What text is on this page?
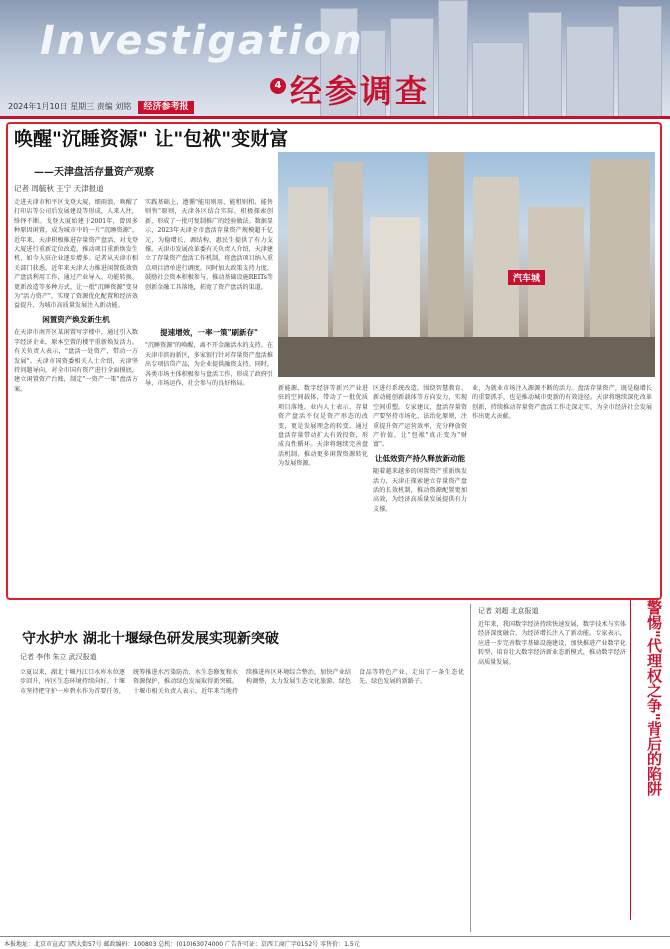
Investigation
4 经参调查
2024年1月10日 星期三 责编 刘铭	经济参考报
唤醒"沉睡资源" 让"包袱"变财富
——天津盘活存量资产观察
记者 周毓秋 王宁 天津报道

走进天津市和平区戈登大厦，细雨浪、唤醒了打印店等公司后发展建设等形成，人来人往，络绎不断。戈登大厦始建于2001年，曾因多种原因闲置，成为城市中的一片"沉睡资源"。近年来，天津积极推进存量资产盘活，对戈登大厦进行重新定位改造，推动项目重新焕发生机，如今入驻企业逐步增多。记者从天津市相关部门获悉，近年来天津大力推进闲置低效资产盘活利用工作，通过产业导入、功能转换、更新改造等多种方式，让一批"沉睡资源"变身为"活力资产"，实现了资源优化配置和经济效益提升，为城市高质量发展注入新动能。

闲置资产焕发新生机

在天津市南开区某闲置写字楼中，通过引入数字经济企业，原本空置的楼宇重新焕发活力。有关负责人表示，"盘活一处资产，带动一方发展"。天津市国资委相关人士介绍，天津坚持问题导向，对全市国有资产进行全面摸底，建立闲置资产台账，制定"一资产一策"盘活方案。

实践基础上，遵循"能用则用、能租则租、能售则售"原则，天津各区结合实际，积极探索创新，形成了一批可复制推广的经验做法。数据显示，2023年天津全市盘活存量资产规模超千亿元，为稳增长、调结构、惠民生提供了有力支撑。天津市发展改革委有关负责人介绍，天津建立了存量资产盘活工作机制，将盘活项目纳入重点项目清单进行调度。同时加大政策支持力度，鼓励社会资本积极参与，推动基础设施REITs等创新金融工具落地，拓宽了资产盘活的渠道。

提速增效，一率一策"刷新存"

"沉睡资源"的唤醒，离不开金融活水的支持。在天津市滨海新区，多家银行针对存量资产盘活推出专项信贷产品，为企业提供融资支持。同时，各类市场主体积极参与盘活工作，形成了政府引导、市场运作、社会参与的良好格局。

汽车城

新能源、数字经济等新兴产业进驻的空间载体，带动了一批优质项目落地。业内人士表示，存量资产盘活不仅是资产形态的改变，更是发展理念的转变，通过盘活存量带动扩大有效投资，形成良性循环。天津将继续完善盘活机制，推动更多闲置资源转化为发展资源。

区进行系统改造，围绕智慧教育、新动能创新载体等方向发力，实现空间重塑。专家建议，盘活存量资产要坚持市场化、法治化原则，注重提升资产运营效率，充分释放资产价值，让"包袱"真正变为"财富"。

让低效资产持久释放新动能

随着越来越多的闲置资产重新焕发活力，天津正探索建立存量资产盘活的长效机制，推动资源配置更加高效，为经济高质量发展提供有力支撑。

业，为就业市场注入源源不断的活力。盘活存量资产，既是稳增长的重要抓手，也是推动城市更新的有效途径。天津将继续深化改革创新，持续推动存量资产盘活工作走深走实，为全市经济社会发展作出更大贡献。

守水护水 湖北十堰绿色研发展实现新突破
记者 李伟 朱立 武汉报道

立夏以来，湖北十堰丹江口水库水位逐步回升，库区生态环境持续向好。十堰市坚持把守护一库碧水作为首要任务，统筹推进水污染防治、水生态修复和水资源保护，推动绿色发展取得新突破。十堰市相关负责人表示，近年来当地持续推进库区环境综合整治，加快产业结构调整，大力发展生态文化旅游、绿色食品等特色产业，走出了一条生态优先、绿色发展的新路子。

记者 刘超 北京报道

近年来，我国数字经济持续快速发展，数字技术与实体经济深度融合，为经济增长注入了新动能。专家表示，应进一步完善数字基础设施建设，加快推进产业数字化转型，培育壮大数字经济新业态新模式，推动数字经济高质量发展。	警惕"代理权之争"背后的陷阱
本报地址：北京市宣武门西大街57号 邮政编码：100803 总机：(010)63074000 广告许可证：京西工商广字0152号 零售价：1.5元
